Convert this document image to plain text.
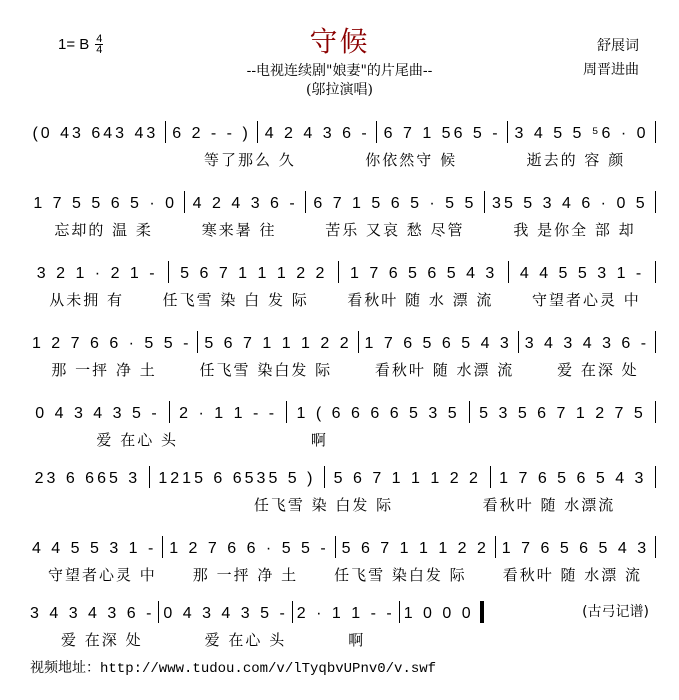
1= B $\frac{4}{4}$	守候
--电视连续剧"娘妻"的片尾曲--
(邬拉演唱)
舒展词
周晋进曲
(0 43 643 43 6 2 - - ) 4 2 4 3 6 - 6 7 1 56 5 - 3 4 5 5 ⁵6 · 0
等了那么 久	你依然守 候	逝去的 容 颜
1 7 5 5 6 5 · 0 4 2 4 3 6 - 6 7 1 5 6 5 · 5 5 35 5 3 4 6 · 0 5
忘却的 温 柔	寒来暑 往	苦乐 又哀 愁 尽管	我 是你全 部 却
3 2 1 · 2 1 -	5 6 7 1 1 1 2 2	1 7 6 5 6 5 4 3	4 4 5 5 3 1 -
从未拥 有	任飞雪 染 白 发 际	看秋叶 随 水 漂 流	守望者心灵 中
1 2 7 6 6 · 5 5 - 5 6 7 1 1 1 2 2 1 7 6 5 6 5 4 3 3 4 3 4 3 6 -
那 一抨 净 土	任飞雪 染白发 际	看秋叶 随 水漂 流	爱 在深 处
0 4 3 4 3 5 -	2 · 1 1 - -	1 ( 6 6 6 6 5 3 5	5 3 5 6 7 1 2 7 5
爱 在心 头	啊
23 6 665 3 1215 6 6535 5 ) 5 6 7 1 1 1 2 2 1 7 6 5 6 5 4 3
任飞雪 染 白发 际	看秋叶 随 水漂流
4 4 5 5 3 1 - 1 2 7 6 6 · 5 5 - 5 6 7 1 1 1 2 2 1 7 6 5 6 5 4 3
守望者心灵 中	那 一抨 净 土	任飞雪 染白发 际	看秋叶 随 水漂 流
3 4 3 4 3 6 - 0 4 3 4 3 5 - 2 · 1 1 - - 1 0 0 0
爱 在深 处	爱 在心 头	啊
(古弓记谱)
视频地址：http://www.tudou.com/v/lTyqbvUPnv0/v.swf
